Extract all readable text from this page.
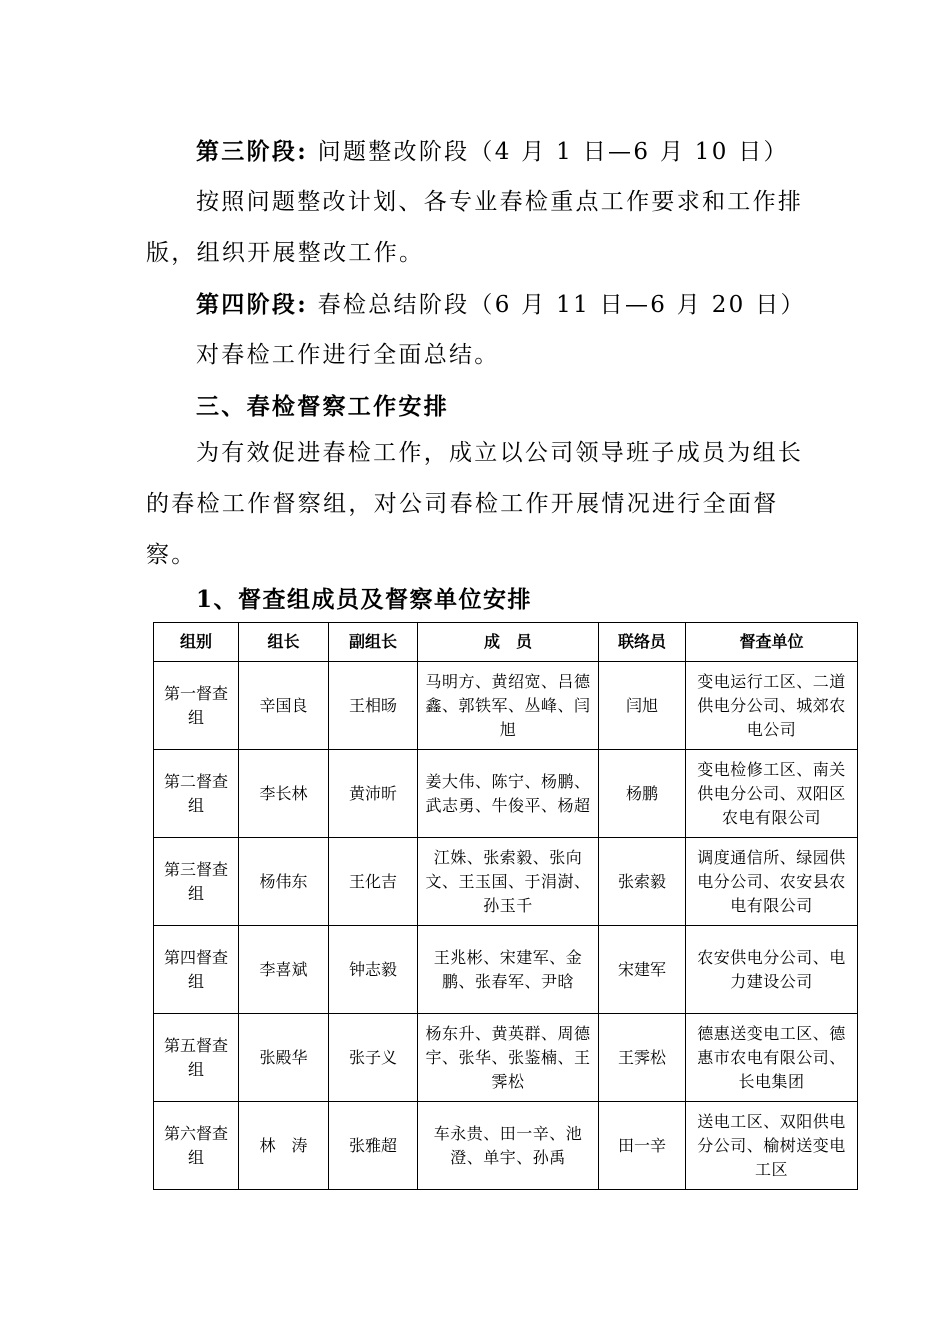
第三阶段: 问题整改阶段（4 月 1 日—6 月 10 日）

按照问题整改计划、各专业春检重点工作要求和工作排版，组织开展整改工作。

第四阶段: 春检总结阶段（6 月 11 日—6 月 20 日）

对春检工作进行全面总结。

三、春检督察工作安排

为有效促进春检工作，成立以公司领导班子成员为组长的春检工作督察组，对公司春检工作开展情况进行全面督察。

1、督查组成员及督察单位安排

组别	组长	副组长	成　员	联络员	督查单位
第一督查组	辛国良	王相旸	马明方、黄绍宽、吕德鑫、郭铁军、丛峰、闫旭	闫旭	变电运行工区、二道供电分公司、城郊农电公司
第二督查组	李长林	黄沛昕	姜大伟、陈宁、杨鹏、武志勇、牛俊平、杨超	杨鹏	变电检修工区、南关供电分公司、双阳区农电有限公司
第三督查组	杨伟东	王化吉	江姝、张索毅、张向文、王玉国、于涓澍、孙玉千	张索毅	调度通信所、绿园供电分公司、农安县农电有限公司
第四督查组	李喜斌	钟志毅	王兆彬、宋建军、金鹏、张春军、尹晗	宋建军	农安供电分公司、电力建设公司
第五督查组	张殿华	张子义	杨东升、黄英群、周德宇、张华、张鉴楠、王霁松	王霁松	德惠送变电工区、德惠市农电有限公司、长电集团
第六督查组	林　涛	张雅超	车永贵、田一辛、池澄、单宇、孙禹	田一辛	送电工区、双阳供电分公司、榆树送变电工区
